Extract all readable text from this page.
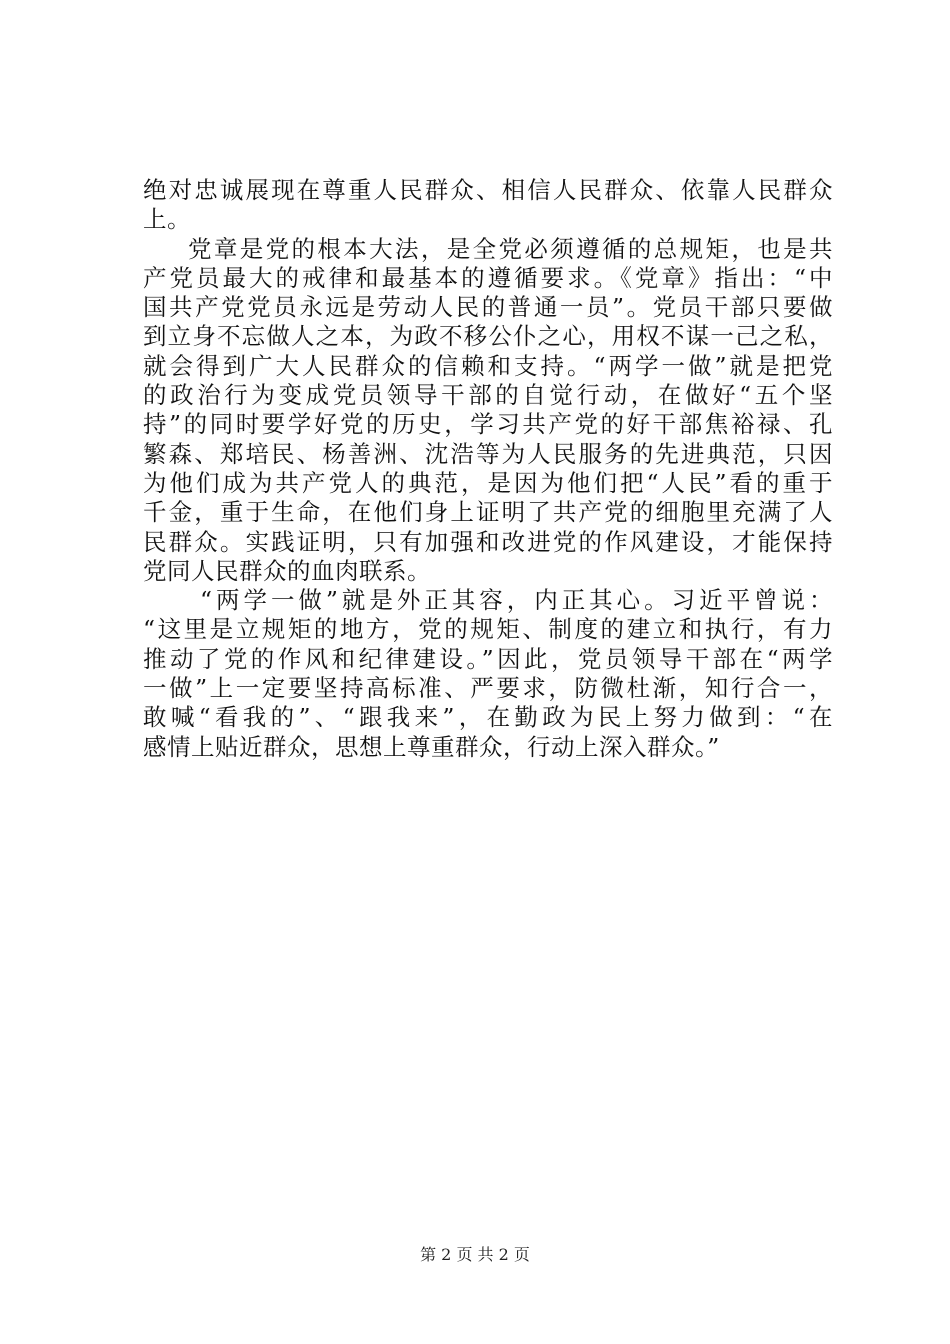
绝对忠诚展现在尊重人民群众、相信人民群众、依靠人民群众
上。
党章是党的根本大法，是全党必须遵循的总规矩，也是共
产党员最大的戒律和最基本的遵循要求。《党章》指出：“中
国共产党党员永远是劳动人民的普通一员”。党员干部只要做
到立身不忘做人之本，为政不移公仆之心，用权不谋一己之私，
就会得到广大人民群众的信赖和支持。“两学一做”就是把党
的政治行为变成党员领导干部的自觉行动，在做好“五个坚
持”的同时要学好党的历史，学习共产党的好干部焦裕禄、孔
繁森、郑培民、杨善洲、沈浩等为人民服务的先进典范，只因
为他们成为共产党人的典范，是因为他们把“人民”看的重于
千金，重于生命，在他们身上证明了共产党的细胞里充满了人
民群众。实践证明，只有加强和改进党的作风建设，才能保持
党同人民群众的血肉联系。
“两学一做”就是外正其容，内正其心。习近平曾说：
“这里是立规矩的地方，党的规矩、制度的建立和执行，有力
推动了党的作风和纪律建设。”因此，党员领导干部在“两学
一做”上一定要坚持高标准、严要求，防微杜渐，知行合一，
敢喊“看我的”、“跟我来”，在勤政为民上努力做到：“在
感情上贴近群众，思想上尊重群众，行动上深入群众。”
第 2 页 共 2 页
